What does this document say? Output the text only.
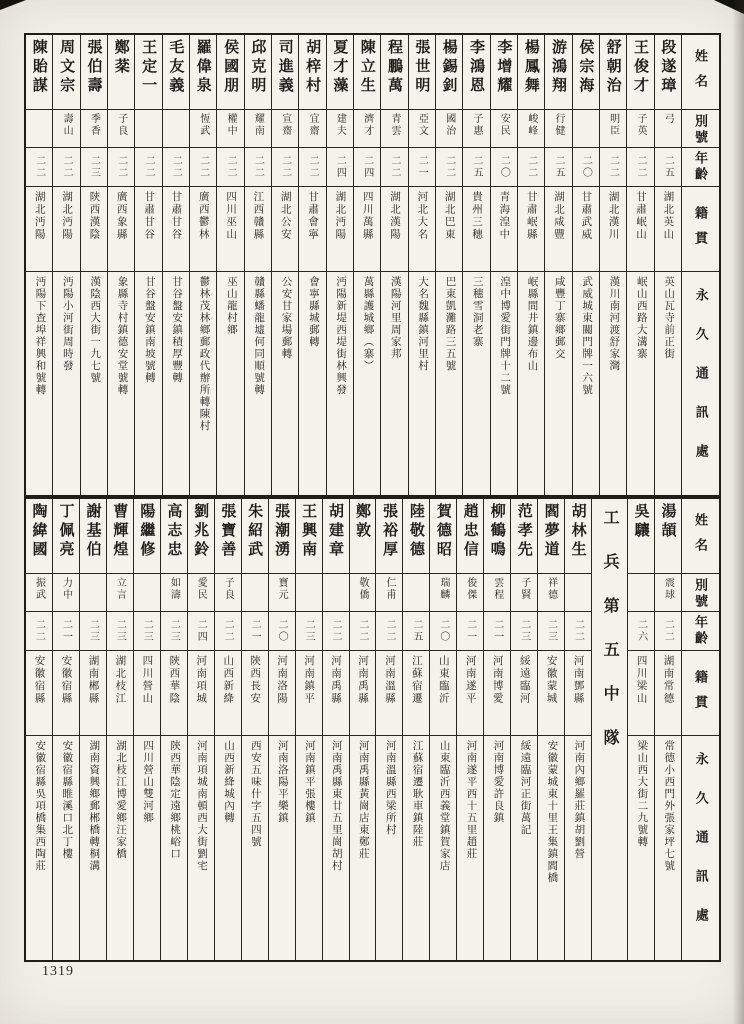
姓名
別號
年齡
籍貫
永久通訊處
段遂璋
弓
二五
湖北英山
英山瓦寺前正街
王俊才
子英
二二
甘肅岷山
岷山西路大溝寨
舒朝治
明臣
二二
湖北漢川
漢川南河渡舒家灣
侯宗海
二〇
甘肅武威
武威城東關門牌一六號
游鴻翔
行健
二五
湖北咸豐
咸豐丁寨鄉郵交
楊鳳舞
峻峰
二二
甘肅岷縣
岷縣間井鎮邊布山
李增耀
安民
二〇
青海湟中
湟中博愛街門牌十二號
李鴻恩
子惠
二五
貴州三穗
三穗雪洞老寨
楊錫釗
國治
二二
湖北巴東
巴東凱灘路三五號
張世明
亞文
二一
河北大名
大名魏縣鎮河里村
程鵬萬
青雲
二二
湖北漢陽
漢陽河里周家邦
陳立生
濟才
二四
四川萬縣
萬縣護城鄉（寨）
夏才藻
建夫
二四
湖北沔陽
沔陽新堤西堤街林興發
胡梓村
宜齋
二二
甘肅會寧
會寧縣城郵轉
司進義
宣齋
二二
湖北公安
公安甘家場郵轉
邱克明
耀南
二二
江西贛縣
贛縣蟠龍墟何同順號轉
侯國朋
權中
二二
四川巫山
巫山龍村鄉
羅偉泉
恆武
二二
廣西鬱林
鬱林茂林鄉郵政代辦所轉陳村
毛友義
二二
甘肅甘谷
甘谷盤安鎮積厚豐轉
王定一
二二
甘肅甘谷
甘谷盤安鎮南坡號轉
鄭棻
子良
二二
廣西象縣
象縣寺村鎮德安堂號轉
張伯壽
季香
二三
陝西漢陰
漢陰西大街一九七號
周文宗
壽山
二二
湖北沔陽
沔陽小河街周時發
陳貽謀
二二
湖北沔陽
沔陽下查埠祥興和號轉
姓名
別號
年齡
籍貫
永久通訊處
湯頡
震球
二二
湖南常德
常德小西門外張家坪七號
吳驤
二六
四川梁山
梁山西大街二九號轉
工兵第五中隊
胡林生
二二
河南鄧縣
河南內鄉羅莊鎮胡劉營
閻夢道
祥德
二三
安徽蒙城
安徽蒙城東十里王集鎮閻橋
范孝先
子賢
二三
綏遠臨河
綏遠臨河正街萬記
柳鶴鳴
雲程
二一
河南博愛
河南博愛許良鎮
趙忠信
俊傑
二一
河南遂平
河南遂平西十五里趙莊
賀德昭
瑞麟
二〇
山東臨沂
山東臨沂西義堂鎮賀家店
陸敬德
二五
江蘇宿遷
江蘇宿遷耿車鎮陸莊
張裕厚
仁甫
二二
河南溫縣
河南溫縣西梁所村
鄭敦
敬僑
二二
河南禹縣
河南禹縣黃崗店東鄭莊
胡建章
二二
河南禹縣
河南禹縣東廿五里崗胡村
王興南
二三
河南鎮平
河南鎮平張樓鎮
張潮湧
寶元
二〇
河南洛陽
河南洛陽平樂鎮
朱紹武
二一
陝西長安
西安五味什字五四號
張寶善
子良
二二
山西新絳
山西新絳城內轉
劉兆鈴
愛民
二四
河南項城
河南項城南頓西大街劉宅
高志忠
如濤
二三
陝西華陰
陝西華陰定遠鄉桃峪口
陽繼修
二三
四川營山
四川營山雙河鄉
曹輝煌
立言
二三
湖北枝江
湖北枝江博愛鄉汪家橋
謝基伯
二三
湖南郴縣
湖南資興鄉郵郴橋轉桐溝
丁佩亮
力中
二一
安徽宿縣
安徽宿縣睢溪口北丁樓
陶緯國
振武
二二
安徽宿縣
安徽宿縣吳項橋集西陶莊
1319
